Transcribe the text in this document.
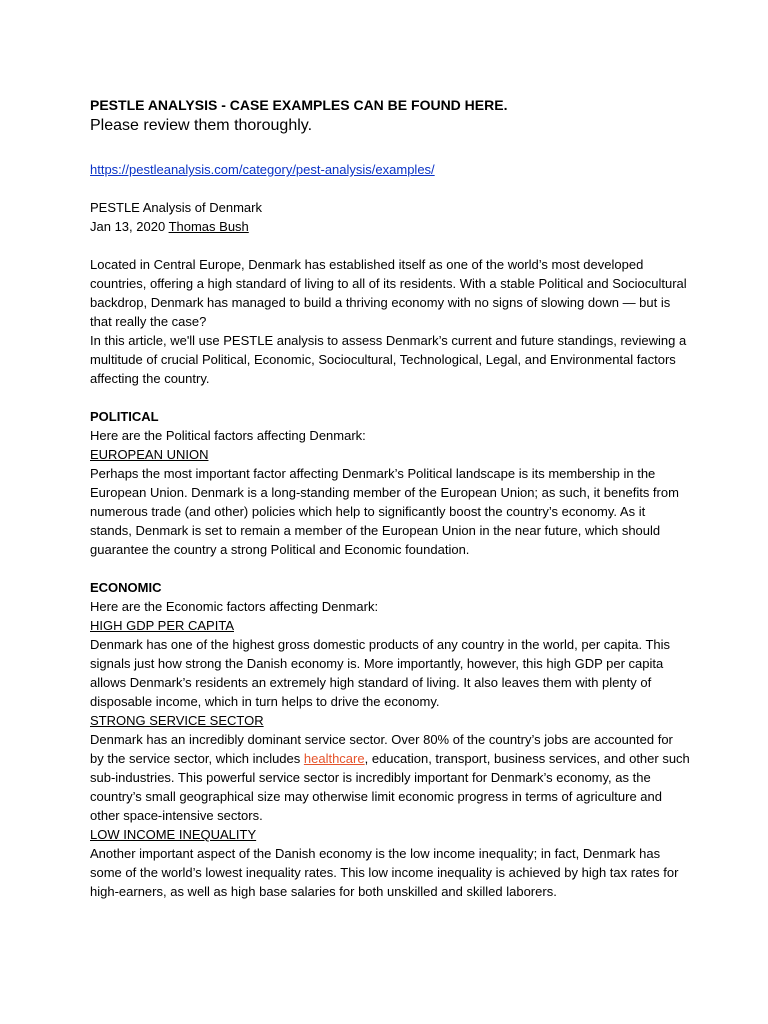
PESTLE ANALYSIS - CASE EXAMPLES CAN BE FOUND HERE.

Please review them thoroughly.

https://pestleanalysis.com/category/pest-analysis/examples/

PESTLE Analysis of Denmark

Jan 13, 2020 Thomas Bush

Located in Central Europe, Denmark has established itself as one of the world’s most developed countries, offering a high standard of living to all of its residents. With a stable Political and Sociocultural backdrop, Denmark has managed to build a thriving economy with no signs of slowing down — but is that really the case?

In this article, we'll use PESTLE analysis to assess Denmark’s current and future standings, reviewing a multitude of crucial Political, Economic, Sociocultural, Technological, Legal, and Environmental factors affecting the country.

POLITICAL

Here are the Political factors affecting Denmark:

EUROPEAN UNION

Perhaps the most important factor affecting Denmark’s Political landscape is its membership in the European Union. Denmark is a long-standing member of the European Union; as such, it benefits from numerous trade (and other) policies which help to significantly boost the country’s economy. As it stands, Denmark is set to remain a member of the European Union in the near future, which should guarantee the country a strong Political and Economic foundation.

ECONOMIC

Here are the Economic factors affecting Denmark:

HIGH GDP PER CAPITA

Denmark has one of the highest gross domestic products of any country in the world, per capita. This signals just how strong the Danish economy is. More importantly, however, this high GDP per capita allows Denmark’s residents an extremely high standard of living. It also leaves them with plenty of disposable income, which in turn helps to drive the economy.

STRONG SERVICE SECTOR

Denmark has an incredibly dominant service sector. Over 80% of the country’s jobs are accounted for by the service sector, which includes healthcare, education, transport, business services, and other such sub-industries. This powerful service sector is incredibly important for Denmark’s economy, as the country’s small geographical size may otherwise limit economic progress in terms of agriculture and other space-intensive sectors.

LOW INCOME INEQUALITY

Another important aspect of the Danish economy is the low income inequality; in fact, Denmark has some of the world’s lowest inequality rates. This low income inequality is achieved by high tax rates for high-earners, as well as high base salaries for both unskilled and skilled laborers.
